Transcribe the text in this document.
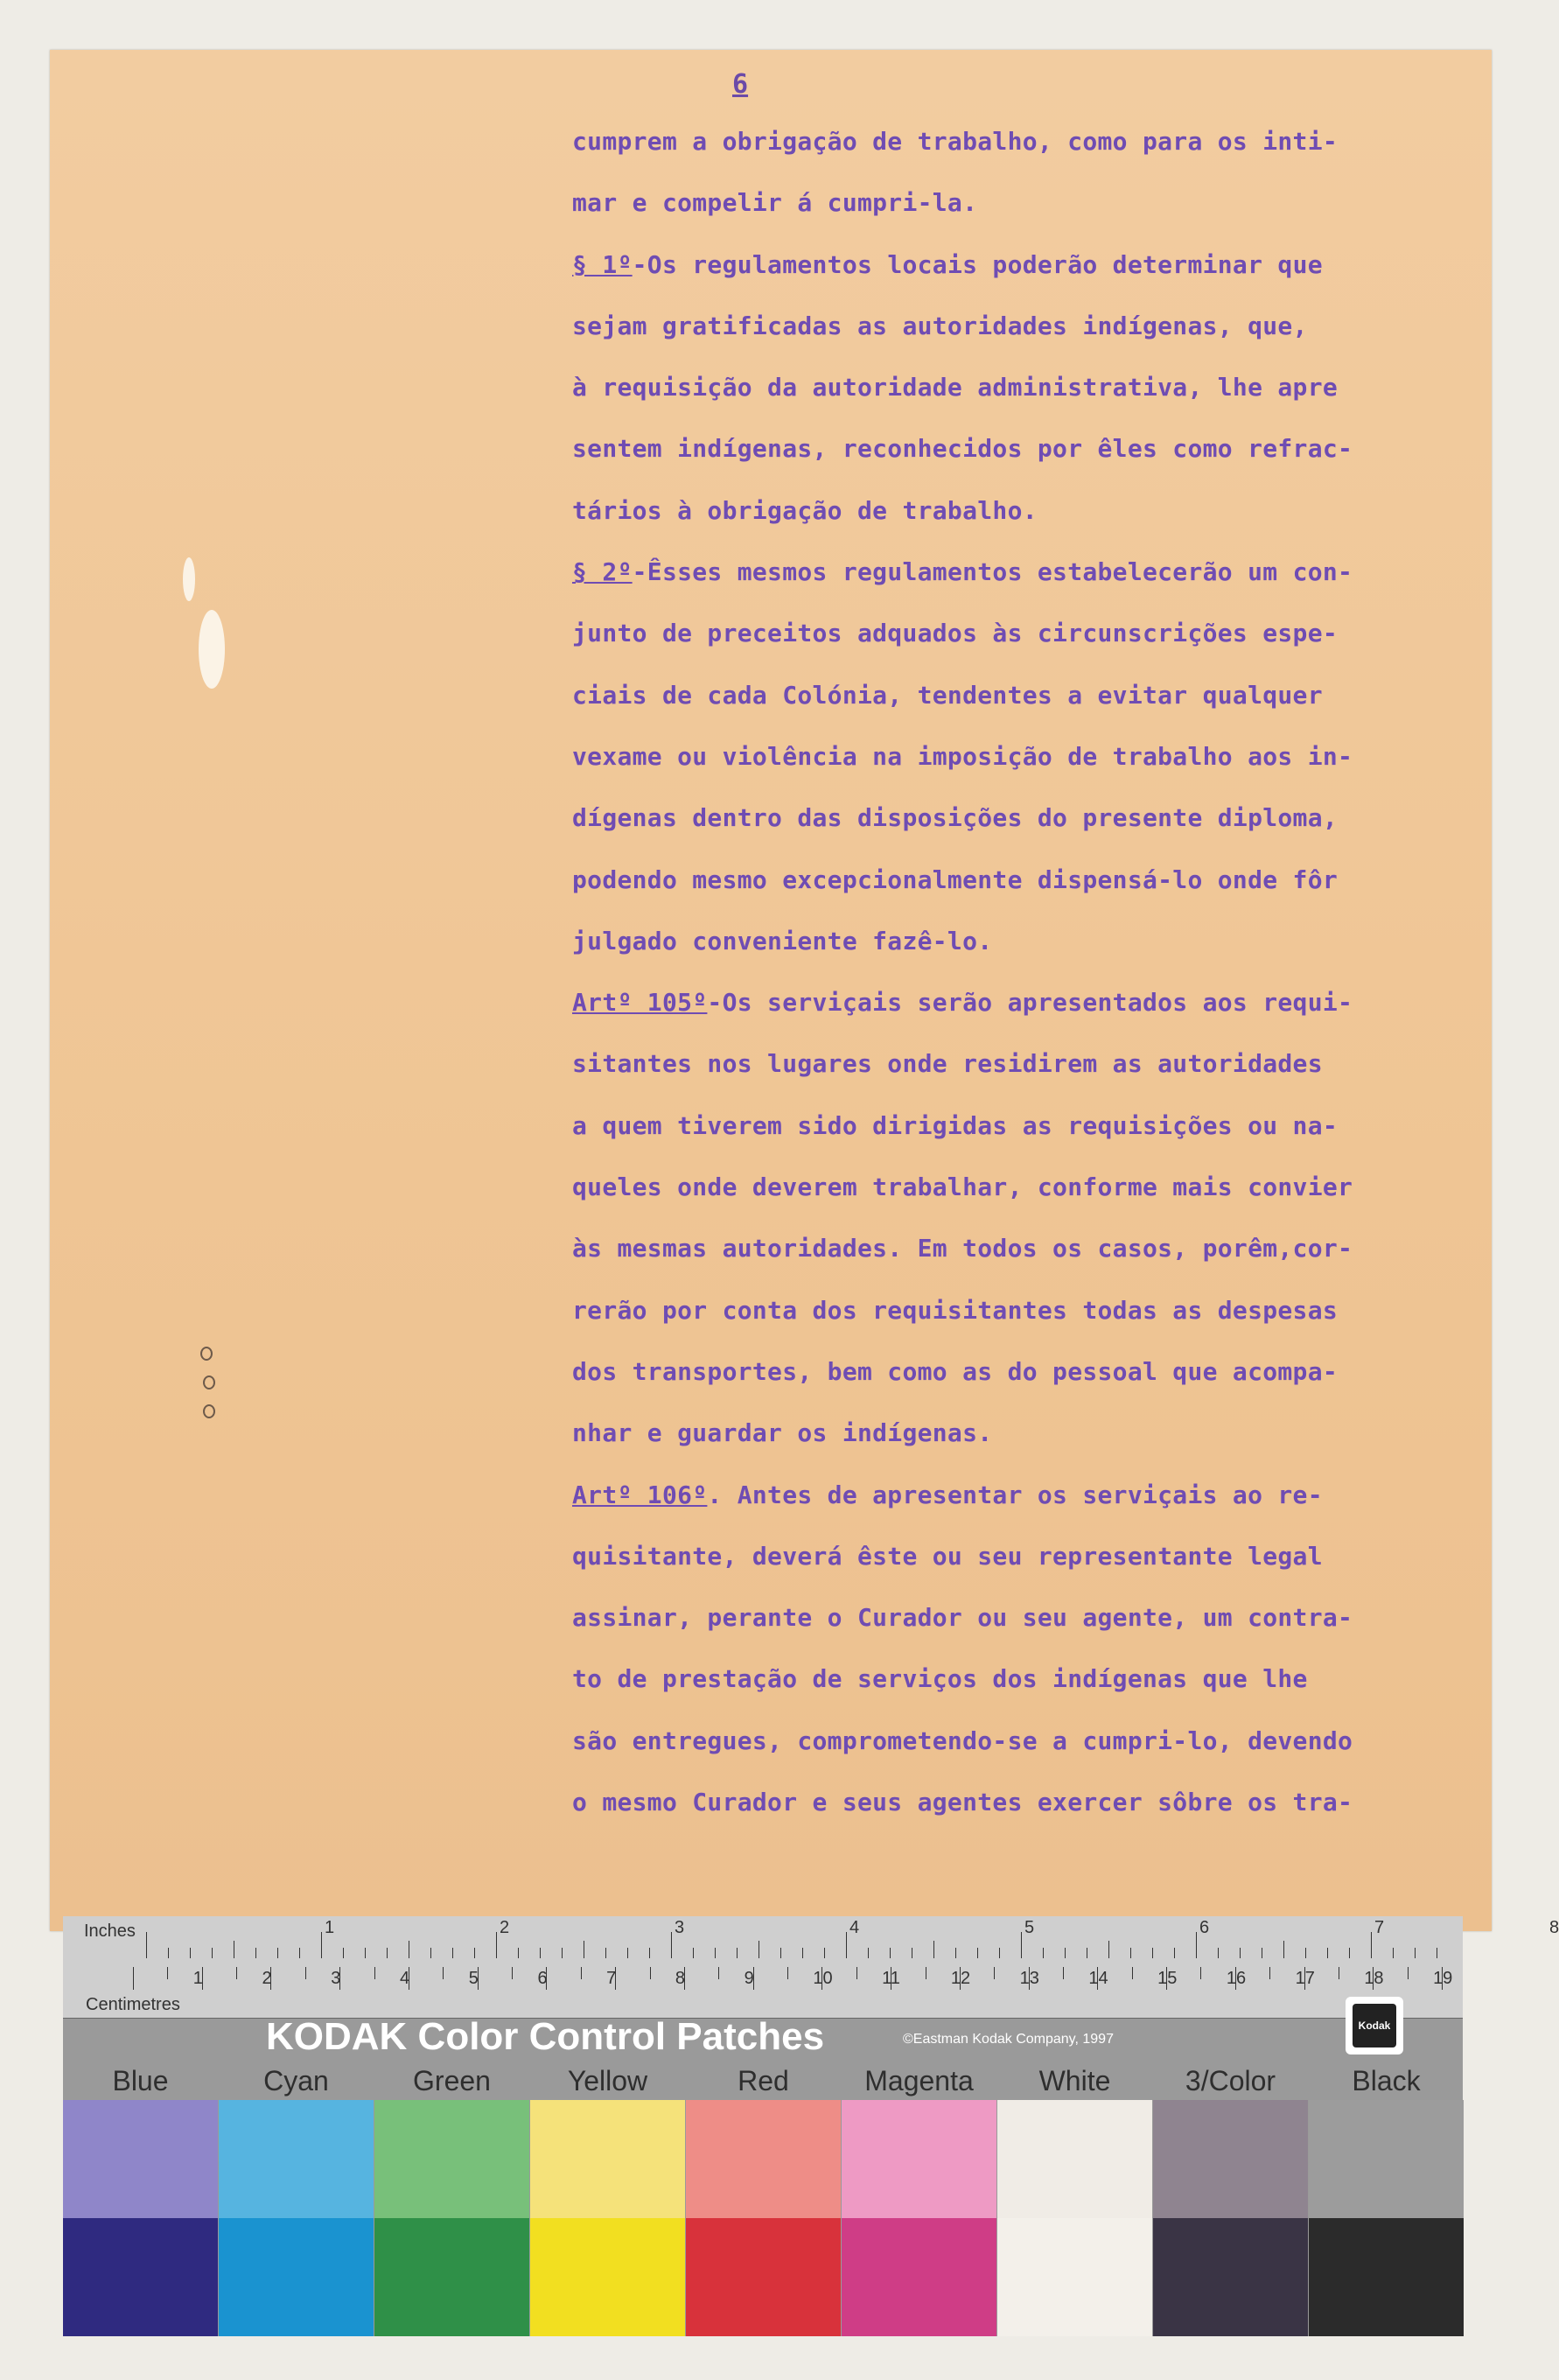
6
cumprem a obrigação de trabalho, como para os inti-
mar e compelir á cumpri-la.
§ 1º-Os regulamentos locais poderão determinar que
sejam gratificadas as autoridades indígenas, que,
à requisição da autoridade administrativa, lhe apre
sentem indígenas, reconhecidos por êles como refrac-
tários à obrigação de trabalho.
§ 2º-Êsses mesmos regulamentos estabelecerão um con-
junto de preceitos adquados às circunscrições espe-
ciais de cada Colónia, tendentes a evitar qualquer
vexame ou violência na imposição de trabalho aos in-
dígenas dentro das disposições do presente diploma,
podendo mesmo excepcionalmente dispensá-lo onde fôr
julgado conveniente fazê-lo.
Artº 105º-Os serviçais serão apresentados aos requi-
sitantes nos lugares onde residirem as autoridades
a quem tiverem sido dirigidas as requisições ou na-
queles onde deverem trabalhar, conforme mais convier
às mesmas autoridades. Em todos os casos, porêm,cor-
rerão por conta dos requisitantes todas as despesas
dos transportes, bem como as do pessoal que acompa-
nhar e guardar os indígenas.
Artº 106º. Antes de apresentar os serviçais ao re-
quisitante, deverá êste ou seu representante legal
assinar, perante o Curador ou seu agente, um contra-
to de prestação de serviços dos indígenas que lhe
são entregues, comprometendo-se a cumpri-lo, devendo
o mesmo Curador e seus agentes exercer sôbre os tra-
Inches
Centimetres
1	2	3	4	5	6	7	8
1	2	3	4	5	6	7	8	9	10	11	12	13	14	15	16	17	18	19
KODAK Color Control Patches	©Eastman Kodak Company, 1997
Kodak
Blue	Cyan	Green	Yellow	Red	Magenta	White	3/Color	Black
